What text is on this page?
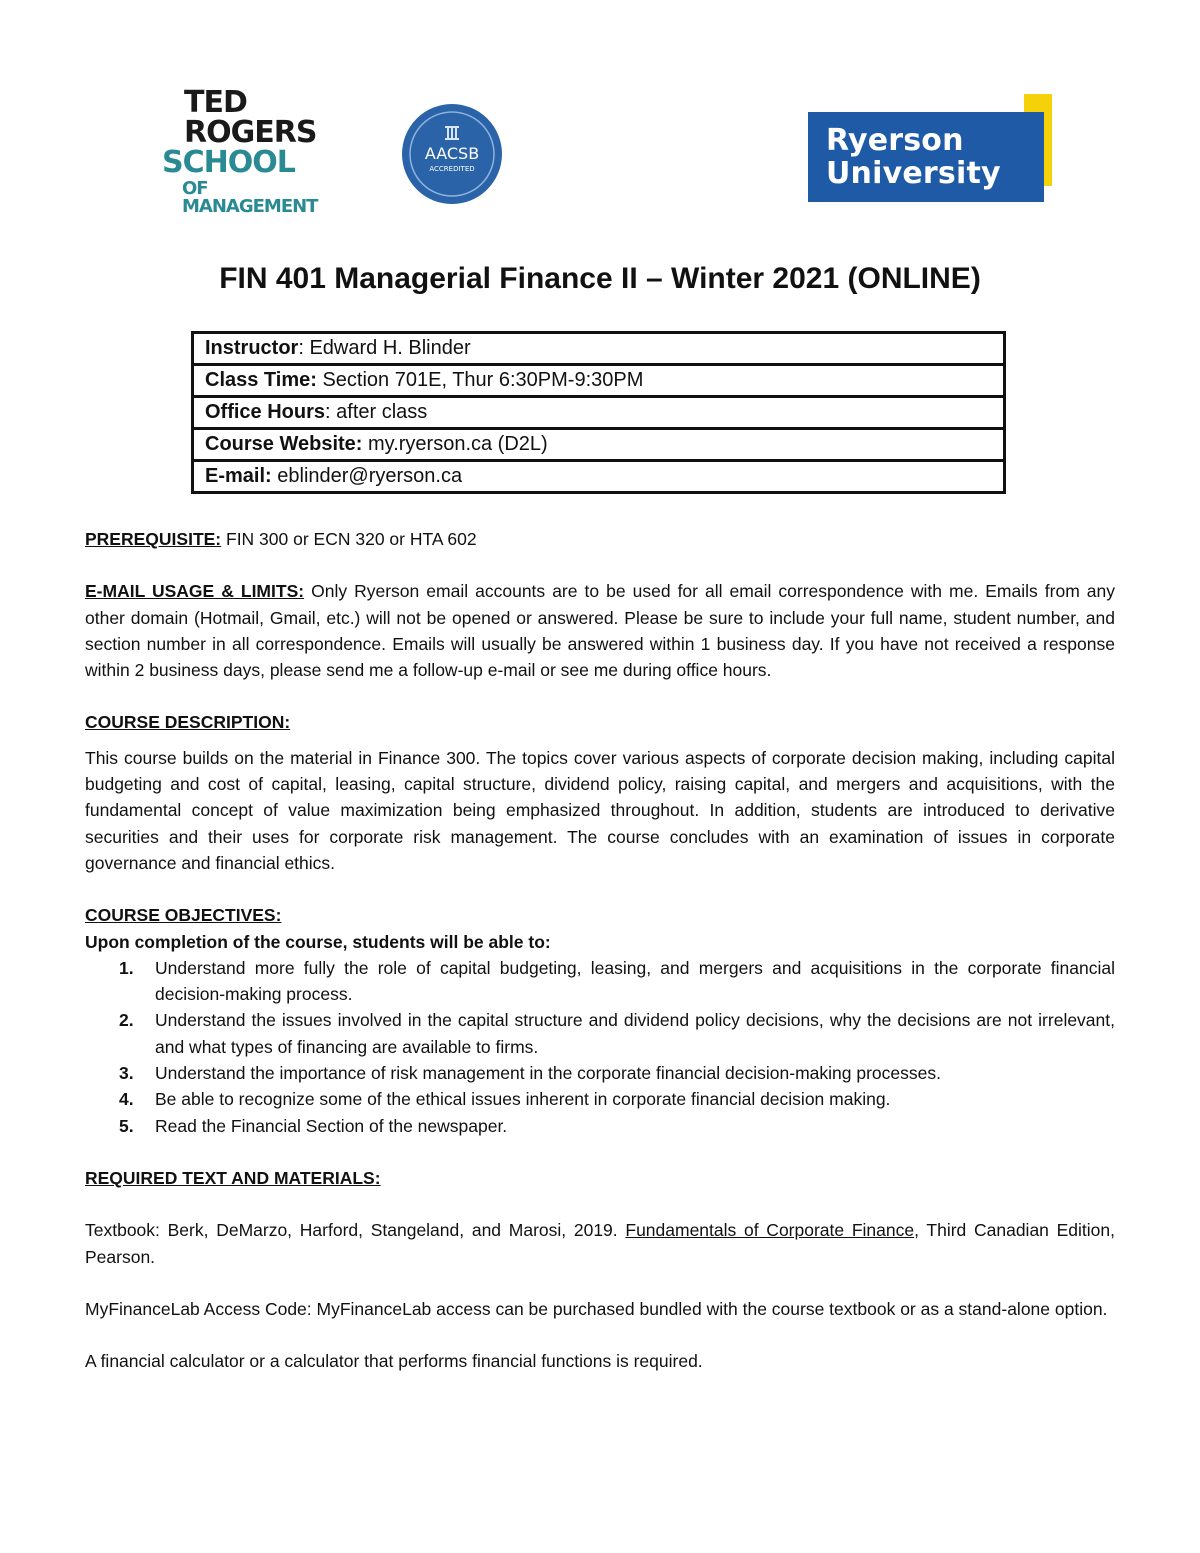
TED
ROGERS
SCHOOL
OF MANAGEMENT
AACSB
ACCREDITED
Ryerson
University
FIN 401 Managerial Finance II – Winter 2021 (ONLINE)
Instructor: Edward H. Blinder
Class Time: Section 701E, Thur 6:30PM-9:30PM
Office Hours: after class
Course Website: my.ryerson.ca (D2L)
E-mail: eblinder@ryerson.ca

PREREQUISITE: FIN 300 or ECN 320 or HTA 602

E-MAIL USAGE & LIMITS: Only Ryerson email accounts are to be used for all email correspondence with me. Emails from any other domain (Hotmail, Gmail, etc.) will not be opened or answered. Please be sure to include your full name, student number, and section number in all correspondence. Emails will usually be answered within 1 business day. If you have not received a response within 2 business days, please send me a follow-up e-mail or see me during office hours.

COURSE DESCRIPTION:

This course builds on the material in Finance 300. The topics cover various aspects of corporate decision making, including capital budgeting and cost of capital, leasing, capital structure, dividend policy, raising capital, and mergers and acquisitions, with the fundamental concept of value maximization being emphasized throughout. In addition, students are introduced to derivative securities and their uses for corporate risk management. The course concludes with an examination of issues in corporate governance and financial ethics.

COURSE OBJECTIVES:

Upon completion of the course, students will be able to:

1. Understand more fully the role of capital budgeting, leasing, and mergers and acquisitions in the corporate financial decision-making process.
2. Understand the issues involved in the capital structure and dividend policy decisions, why the decisions are not irrelevant, and what types of financing are available to firms.
3. Understand the importance of risk management in the corporate financial decision-making processes.
4. Be able to recognize some of the ethical issues inherent in corporate financial decision making.
5. Read the Financial Section of the newspaper.

REQUIRED TEXT AND MATERIALS:

Textbook: Berk, DeMarzo, Harford, Stangeland, and Marosi, 2019. Fundamentals of Corporate Finance, Third Canadian Edition, Pearson.

MyFinanceLab Access Code: MyFinanceLab access can be purchased bundled with the course textbook or as a stand-alone option.

A financial calculator or a calculator that performs financial functions is required.
